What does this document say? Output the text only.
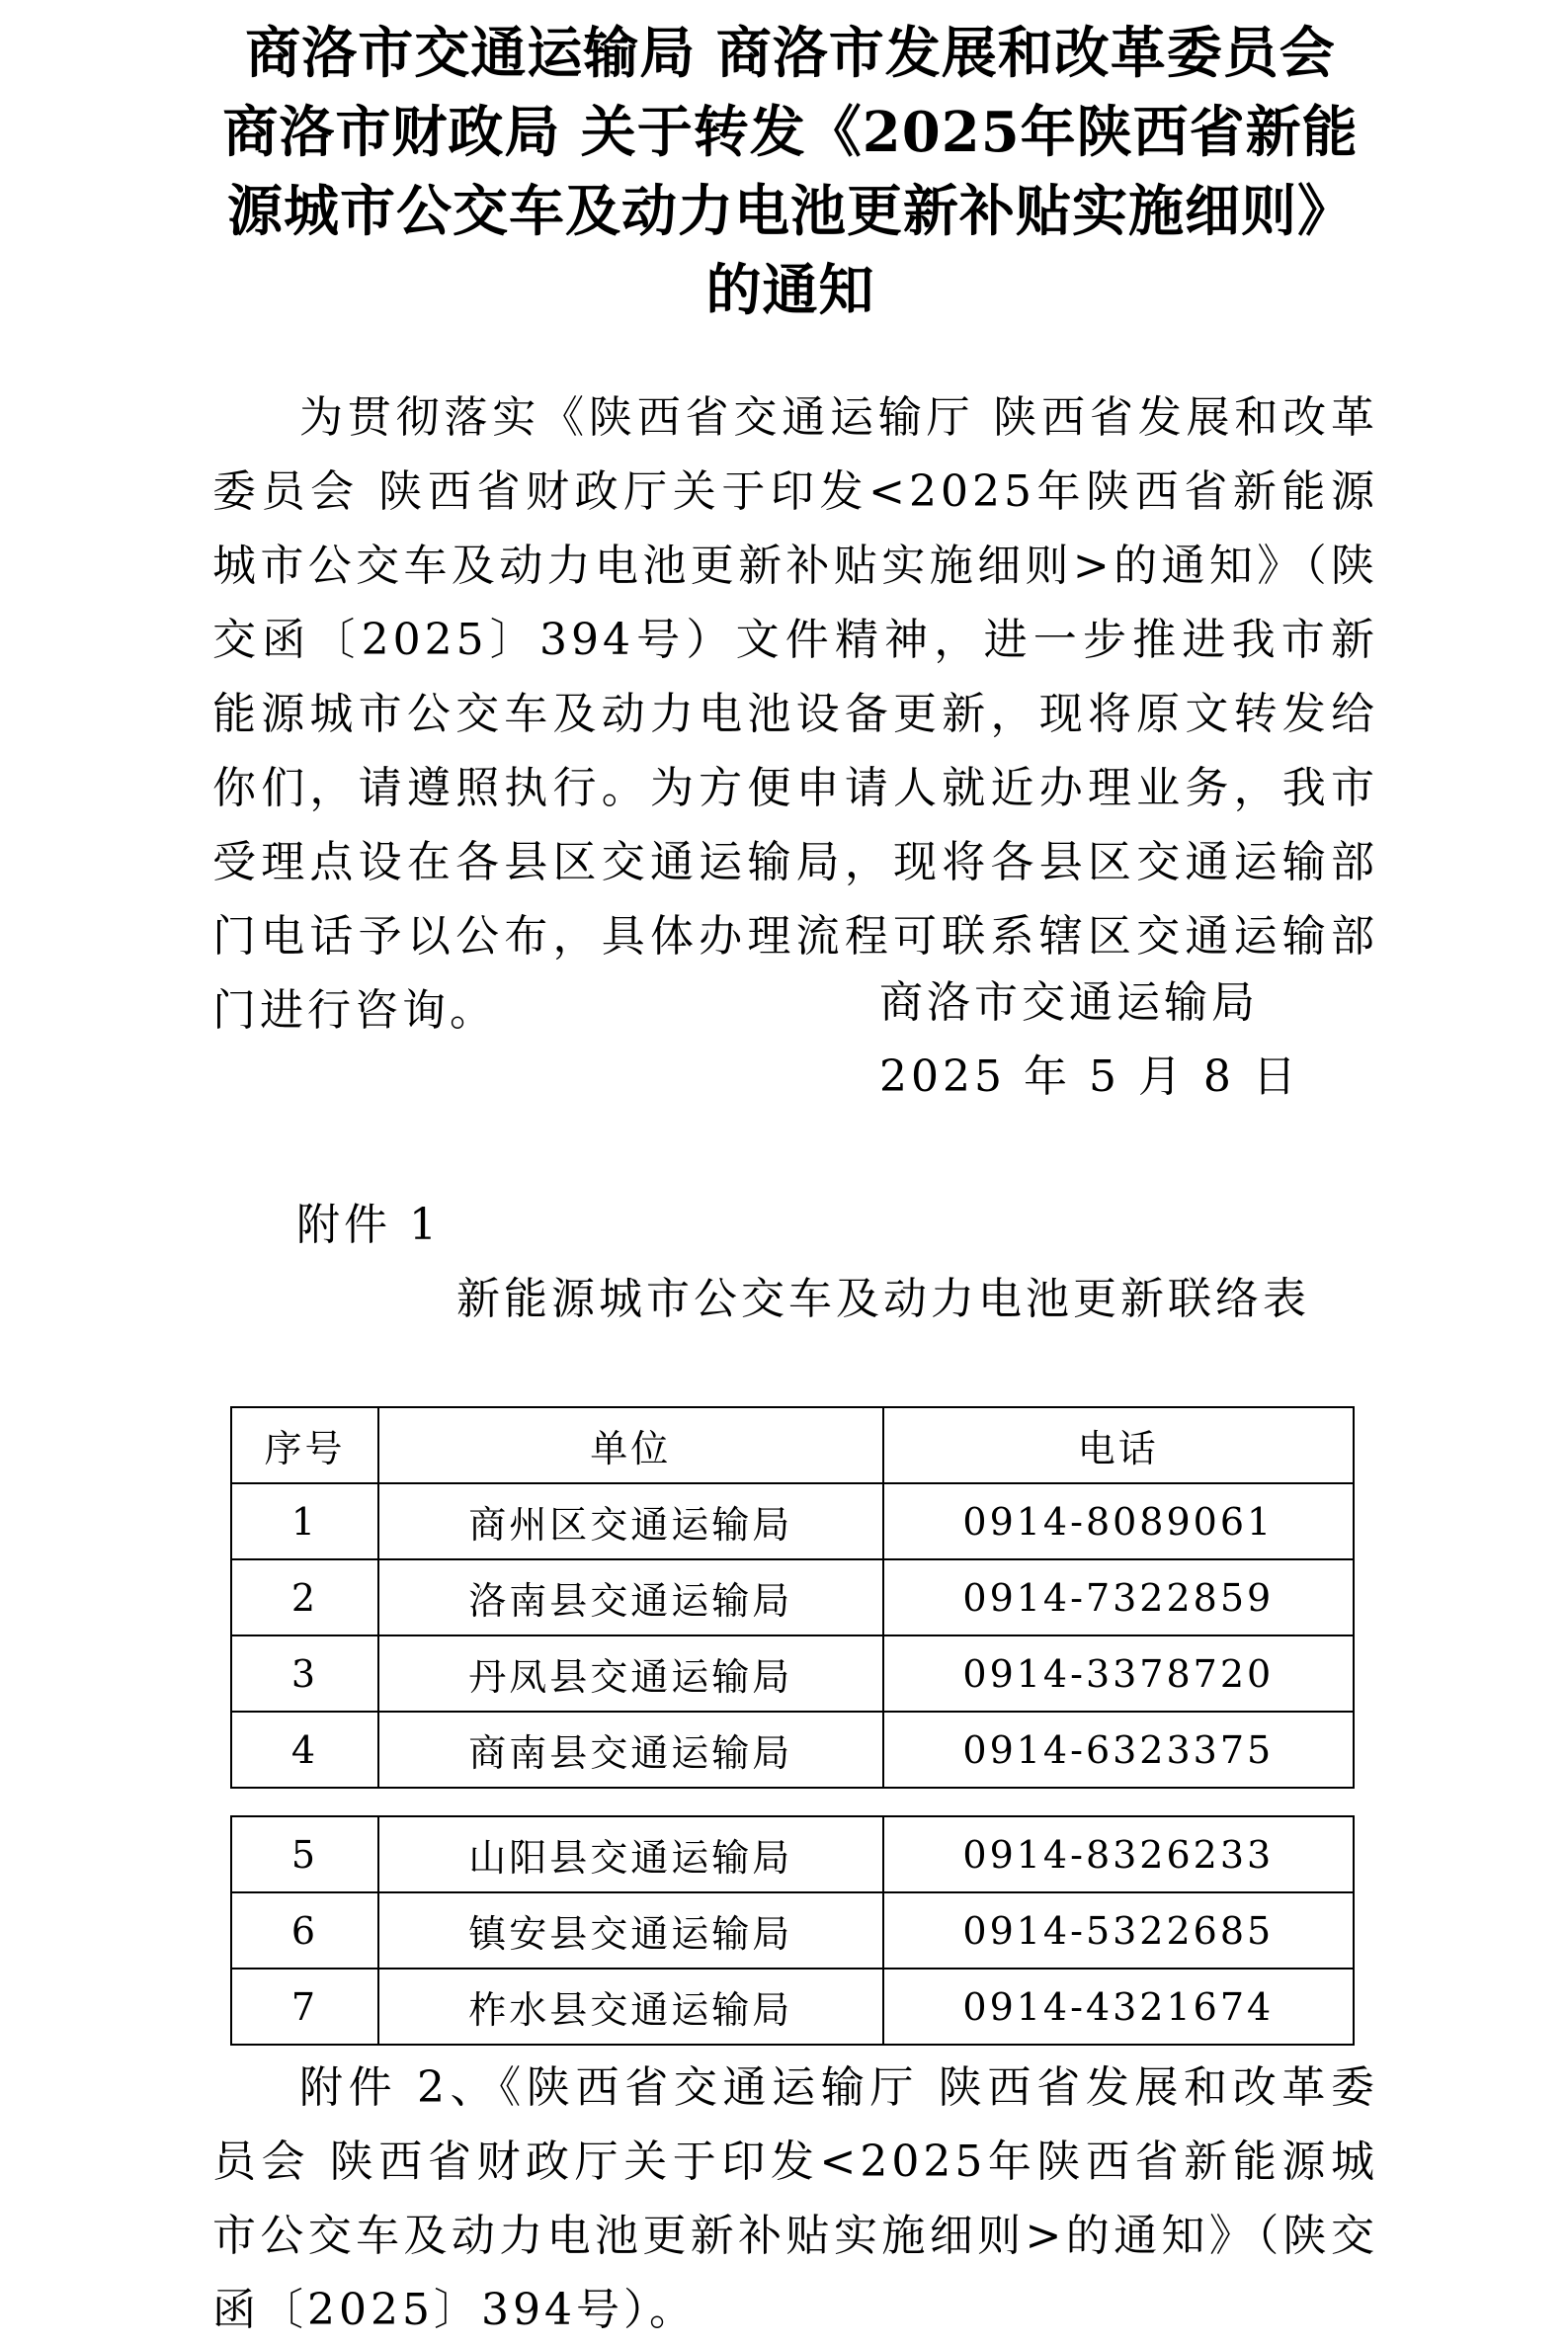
商洛市交通运输局 商洛市发展和改革委员会
商洛市财政局 关于转发《2025年陕西省新能
源城市公交车及动力电池更新补贴实施细则》
的通知
为贯彻落实《陕西省交通运输厅 陕西省发展和改革委员会 陕西省财政厅关于印发<2025年陕西省新能源城市公交车及动力电池更新补贴实施细则>的通知》（陕交函〔2025〕394号）文件精神，进一步推进我市新能源城市公交车及动力电池设备更新，现将原文转发给你们，请遵照执行。为方便申请人就近办理业务，我市受理点设在各县区交通运输局，现将各县区交通运输部门电话予以公布，具体办理流程可联系辖区交通运输部门进行咨询。	商洛市交通运输局
2025 年 5 月 8 日
附件 1
新能源城市公交车及动力电池更新联络表
序号	单位	电话
1	商州区交通运输局	0914-8089061
2	洛南县交通运输局	0914-7322859
3	丹凤县交通运输局	0914-3378720
4	商南县交通运输局	0914-6323375
5	山阳县交通运输局	0914-8326233
6	镇安县交通运输局	0914-5322685
7	柞水县交通运输局	0914-4321674
附件 2、《陕西省交通运输厅 陕西省发展和改革委员会 陕西省财政厅关于印发<2025年陕西省新能源城市公交车及动力电池更新补贴实施细则>的通知》（陕交函〔2025〕394号）。
